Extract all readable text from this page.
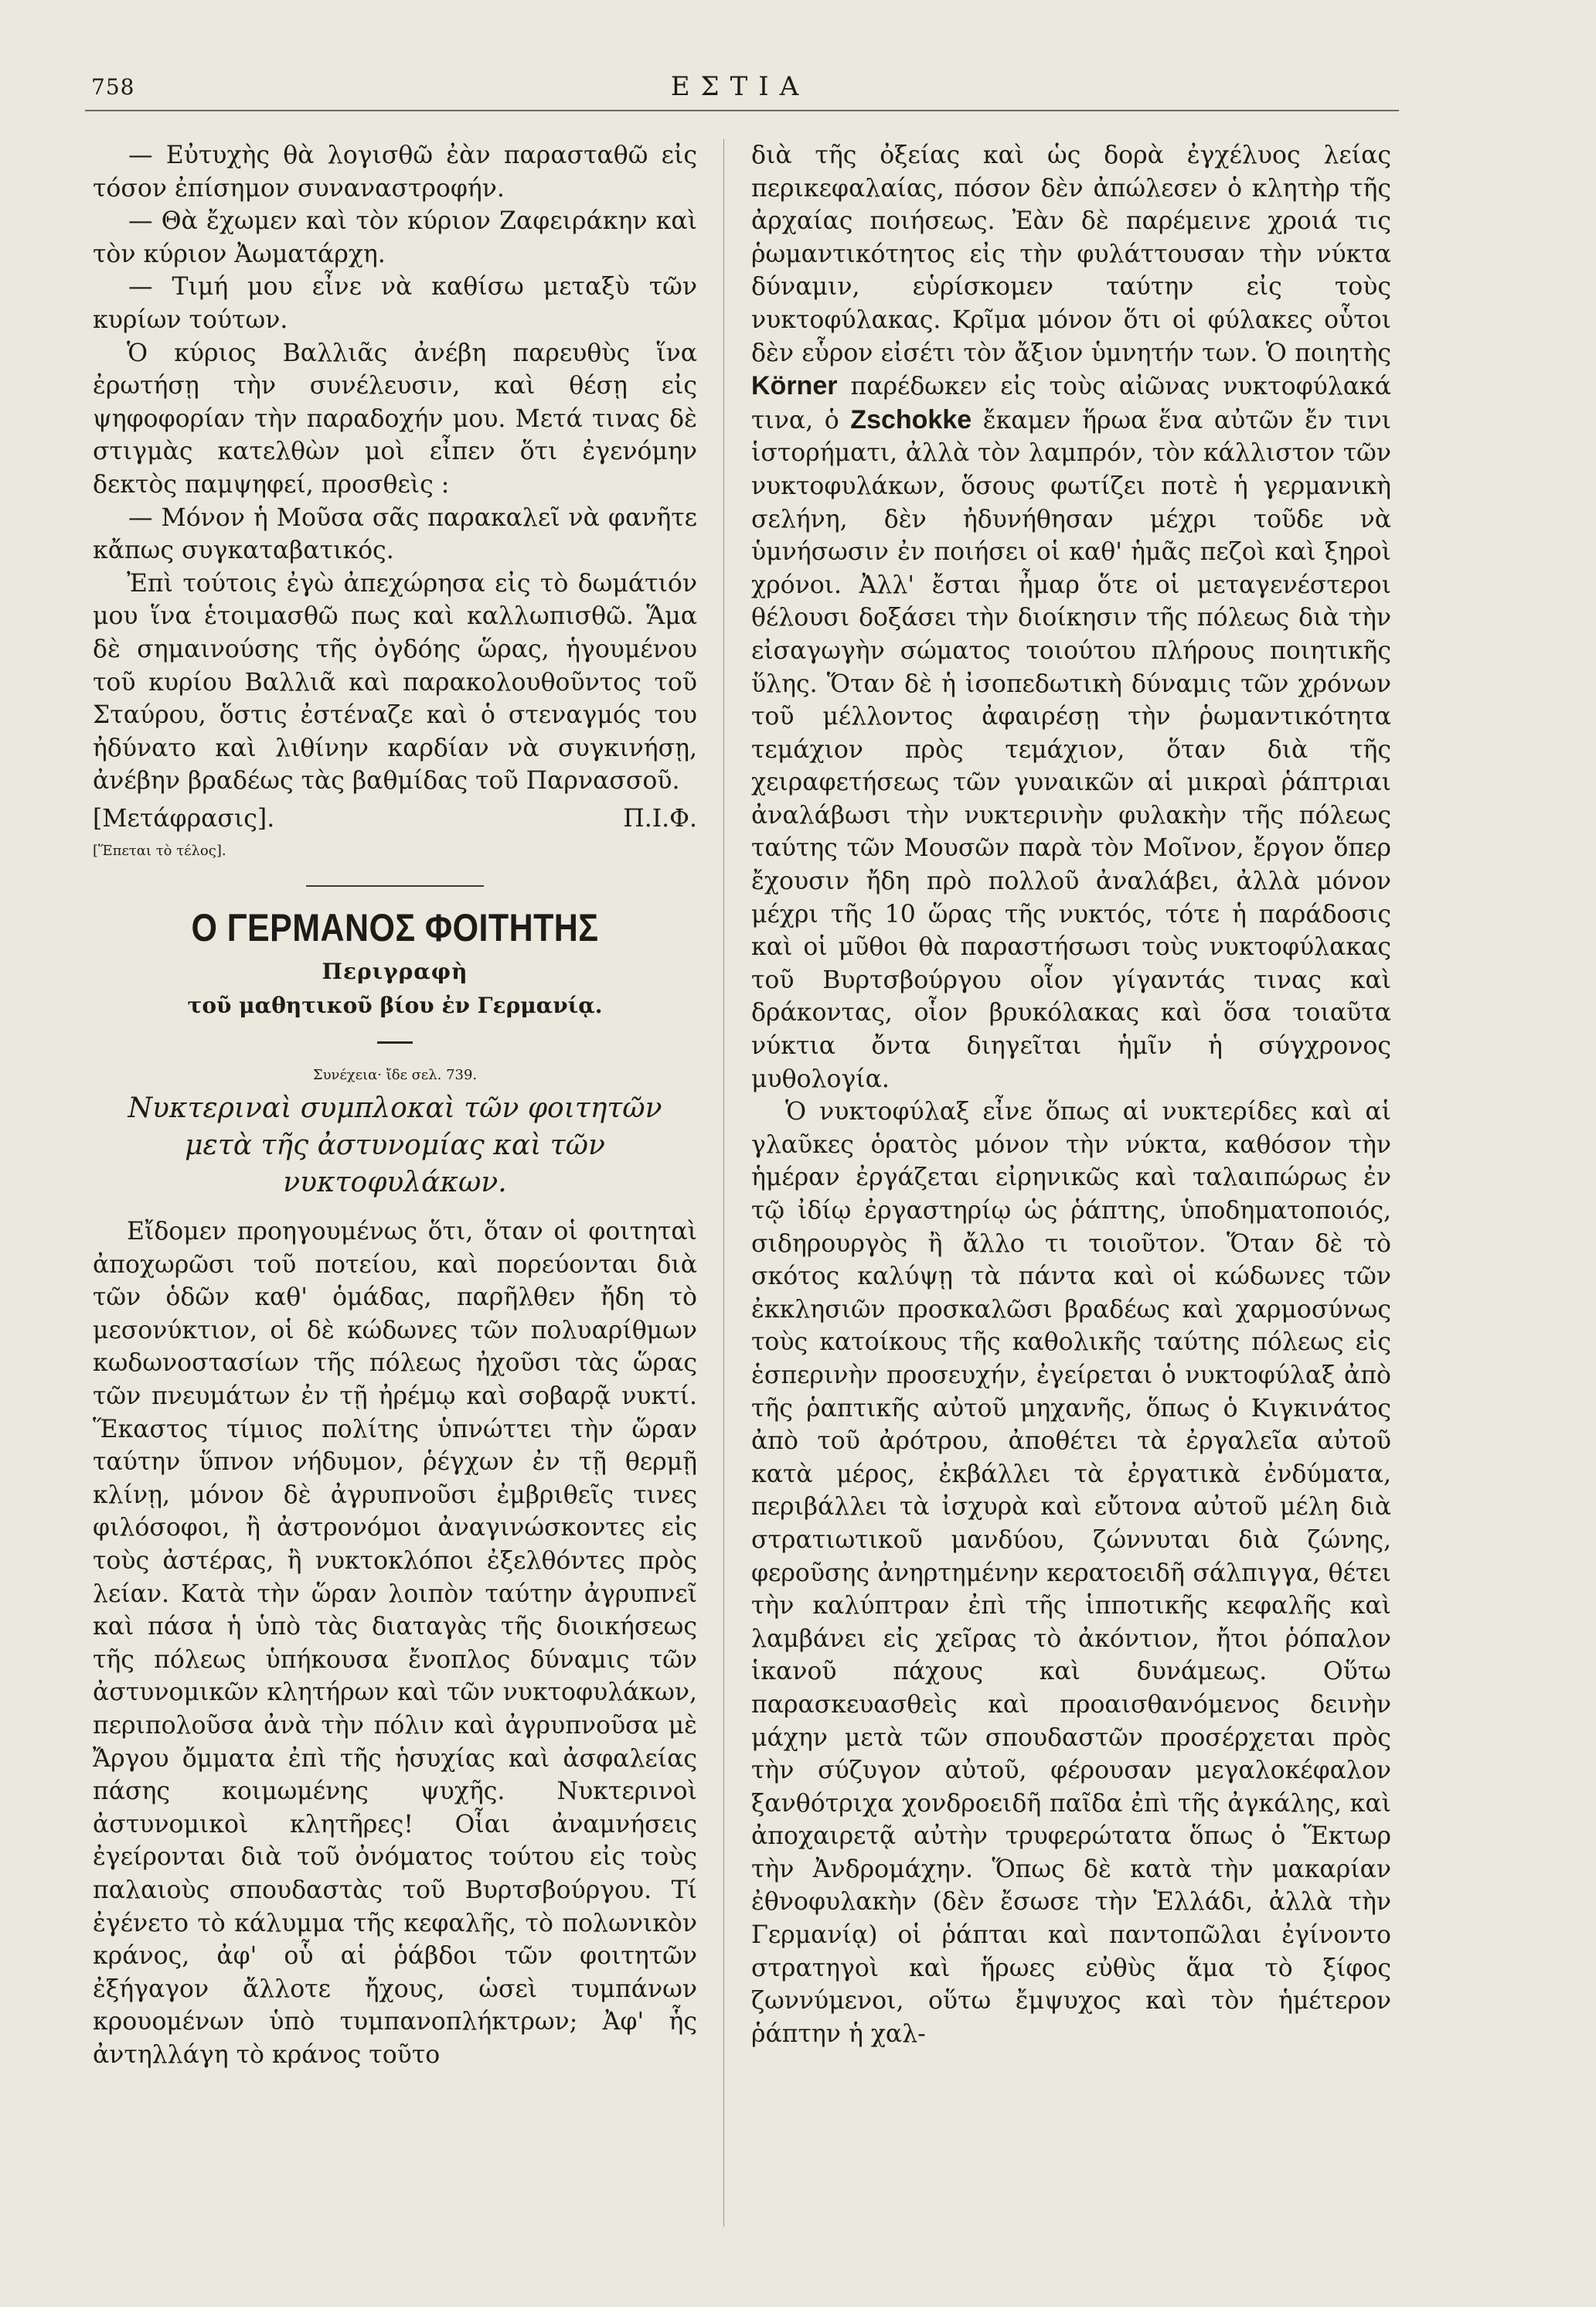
758	ΕΣΤΙΑ

— Εὐτυχὴς θὰ λογισθῶ ἐὰν παρασταθῶ εἰς τόσον ἐπίσημον συναναστροφήν.

— Θὰ ἔχωμεν καὶ τὸν κύριον Ζαφειράκην καὶ τὸν κύριον Ἀωματάρχη.

— Τιμή μου εἶνε νὰ καθίσω μεταξὺ τῶν κυρίων τούτων.

Ὁ κύριος Βαλλιᾶς ἀνέβη παρευθὺς ἵνα ἐρωτήσῃ τὴν συνέλευσιν, καὶ θέσῃ εἰς ψηφοφορίαν τὴν παραδοχήν μου. Μετά τινας δὲ στιγμὰς κατελθὼν μοὶ εἶπεν ὅτι ἐγενόμην δεκτὸς παμψηφεί, προσθεὶς :

— Μόνον ἡ Μοῦσα σᾶς παρακαλεῖ νὰ φανῆτε κἄπως συγκαταβατικός.

Ἐπὶ τούτοις ἐγὼ ἀπεχώρησα εἰς τὸ δωμάτιόν μου ἵνα ἑτοιμασθῶ πως καὶ καλλωπισθῶ. Ἅμα δὲ σημαινούσης τῆς ὀγδόης ὥρας, ἡγουμένου τοῦ κυρίου Βαλλιᾶ καὶ παρακολουθοῦντος τοῦ Σταύρου, ὅστις ἐστέναζε καὶ ὁ στεναγμός του ἠδύνατο καὶ λιθίνην καρδίαν νὰ συγκινήσῃ, ἀνέβην βραδέως τὰς βαθμίδας τοῦ Παρνασσοῦ.

[Μετάφρασις].	Π.Ι.Φ.

[Ἕπεται τὸ τέλος].

Ο ΓΕΡΜΑΝΟΣ ΦΟΙΤΗΤΗΣ
Περιγραφὴ
τοῦ μαθητικοῦ βίου ἐν Γερμανίᾳ.
Συνέχεια· ἴδε σελ. 739.
Νυκτεριναὶ συμπλοκαὶ τῶν φοιτητῶν μετὰ τῆς ἀστυνομίας καὶ τῶν νυκτοφυλάκων.

Εἴδομεν προηγουμένως ὅτι, ὅταν οἱ φοιτηταὶ ἀποχωρῶσι τοῦ ποτείου, καὶ πορεύονται διὰ τῶν ὁδῶν καθ' ὁμάδας, παρῆλθεν ἤδη τὸ μεσονύκτιον, οἱ δὲ κώδωνες τῶν πολυαρίθμων κωδωνοστασίων τῆς πόλεως ἠχοῦσι τὰς ὥρας τῶν πνευμάτων ἐν τῇ ἠρέμῳ καὶ σοβαρᾷ νυκτί. Ἕκαστος τίμιος πολίτης ὑπνώττει τὴν ὥραν ταύτην ὕπνον νήδυμον, ῥέγχων ἐν τῇ θερμῇ κλίνῃ, μόνον δὲ ἀγρυπνοῦσι ἐμβριθεῖς τινες φιλόσοφοι, ἢ ἀστρονόμοι ἀναγινώσκοντες εἰς τοὺς ἀστέρας, ἢ νυκτοκλόποι ἐξελθόντες πρὸς λείαν. Κατὰ τὴν ὥραν λοιπὸν ταύτην ἀγρυπνεῖ καὶ πάσα ἡ ὑπὸ τὰς διαταγὰς τῆς διοικήσεως τῆς πόλεως ὑπήκουσα ἔνοπλος δύναμις τῶν ἀστυνομικῶν κλητήρων καὶ τῶν νυκτοφυλάκων, περιπολοῦσα ἀνὰ τὴν πόλιν καὶ ἀγρυπνοῦσα μὲ Ἄργου ὄμματα ἐπὶ τῆς ἡσυχίας καὶ ἀσφαλείας πάσης κοιμωμένης ψυχῆς. Νυκτερινοὶ ἀστυνομικοὶ κλητῆρες! Οἷαι ἀναμνήσεις ἐγείρονται διὰ τοῦ ὀνόματος τούτου εἰς τοὺς παλαιοὺς σπουδαστὰς τοῦ Βυρτσβούργου. Τί ἐγένετο τὸ κάλυμμα τῆς κεφαλῆς, τὸ πολωνικὸν κράνος, ἀφ' οὗ αἱ ῥάβδοι τῶν φοιτητῶν ἐξήγαγον ἄλλοτε ἤχους, ὡσεὶ τυμπάνων κρουομένων ὑπὸ τυμπανοπλήκτρων; Ἀφ' ἧς ἀντηλλάγη τὸ κράνος τοῦτο

διὰ τῆς ὀξείας καὶ ὡς δορὰ ἐγχέλυος λείας περικεφαλαίας, πόσον δὲν ἀπώλεσεν ὁ κλητὴρ τῆς ἀρχαίας ποιήσεως. Ἐὰν δὲ παρέμεινε χροιά τις ῥωμαντικότητος εἰς τὴν φυλάττουσαν τὴν νύκτα δύναμιν, εὑρίσκομεν ταύτην εἰς τοὺς νυκτοφύλακας. Κρῖμα μόνον ὅτι οἱ φύλακες οὗτοι δὲν εὗρον εἰσέτι τὸν ἄξιον ὑμνητήν των. Ὁ ποιητὴς Körner παρέδωκεν εἰς τοὺς αἰῶνας νυκτοφύλακά τινα, ὁ Zschokke ἔκαμεν ἥρωα ἕνα αὐτῶν ἔν τινι ἱστορήματι, ἀλλὰ τὸν λαμπρόν, τὸν κάλλιστον τῶν νυκτοφυλάκων, ὅσους φωτίζει ποτὲ ἡ γερμανικὴ σελήνη, δὲν ἠδυνήθησαν μέχρι τοῦδε νὰ ὑμνήσωσιν ἐν ποιήσει οἱ καθ' ἡμᾶς πεζοὶ καὶ ξηροὶ χρόνοι. Ἀλλ' ἔσται ἦμαρ ὅτε οἱ μεταγενέστεροι θέλουσι δοξάσει τὴν διοίκησιν τῆς πόλεως διὰ τὴν εἰσαγωγὴν σώματος τοιούτου πλήρους ποιητικῆς ὕλης. Ὅταν δὲ ἡ ἰσοπεδωτικὴ δύναμις τῶν χρόνων τοῦ μέλλοντος ἀφαιρέσῃ τὴν ῥωμαντικότητα τεμάχιον πρὸς τεμάχιον, ὅταν διὰ τῆς χειραφετήσεως τῶν γυναικῶν αἱ μικραὶ ῥάπτριαι ἀναλάβωσι τὴν νυκτερινὴν φυλακὴν τῆς πόλεως ταύτης τῶν Μουσῶν παρὰ τὸν Μοῖνον, ἔργον ὅπερ ἔχουσιν ἤδη πρὸ πολλοῦ ἀναλάβει, ἀλλὰ μόνον μέχρι τῆς 10 ὥρας τῆς νυκτός, τότε ἡ παράδοσις καὶ οἱ μῦθοι θὰ παραστήσωσι τοὺς νυκτοφύλακας τοῦ Βυρτσβούργου οἷον γίγαντάς τινας καὶ δράκοντας, οἷον βρυκόλακας καὶ ὅσα τοιαῦτα νύκτια ὄντα διηγεῖται ἡμῖν ἡ σύγχρονος μυθολογία.

Ὁ νυκτοφύλαξ εἶνε ὅπως αἱ νυκτερίδες καὶ αἱ γλαῦκες ὁρατὸς μόνον τὴν νύκτα, καθόσον τὴν ἡμέραν ἐργάζεται εἰρηνικῶς καὶ ταλαιπώρως ἐν τῷ ἰδίῳ ἐργαστηρίῳ ὡς ῥάπτης, ὑποδηματοποιός, σιδηρουργὸς ἢ ἄλλο τι τοιοῦτον. Ὅταν δὲ τὸ σκότος καλύψῃ τὰ πάντα καὶ οἱ κώδωνες τῶν ἐκκλησιῶν προσκαλῶσι βραδέως καὶ χαρμοσύνως τοὺς κατοίκους τῆς καθολικῆς ταύτης πόλεως εἰς ἑσπερινὴν προσευχήν, ἐγείρεται ὁ νυκτοφύλαξ ἀπὸ τῆς ῥαπτικῆς αὐτοῦ μηχανῆς, ὅπως ὁ Κιγκινάτος ἀπὸ τοῦ ἀρότρου, ἀποθέτει τὰ ἐργαλεῖα αὐτοῦ κατὰ μέρος, ἐκβάλλει τὰ ἐργατικὰ ἐνδύματα, περιβάλλει τὰ ἰσχυρὰ καὶ εὔτονα αὐτοῦ μέλη διὰ στρατιωτικοῦ μανδύου, ζώννυται διὰ ζώνης, φεροῦσης ἀνηρτημένην κερατοειδῆ σάλπιγγα, θέτει τὴν καλύπτραν ἐπὶ τῆς ἱπποτικῆς κεφαλῆς καὶ λαμβάνει εἰς χεῖρας τὸ ἀκόντιον, ἤτοι ῥόπαλον ἱκανοῦ πάχους καὶ δυνάμεως. Οὕτω παρασκευασθεὶς καὶ προαισθανόμενος δεινὴν μάχην μετὰ τῶν σπουδαστῶν προσέρχεται πρὸς τὴν σύζυγον αὐτοῦ, φέρουσαν μεγαλοκέφαλον ξανθότριχα χονδροειδῆ παῖδα ἐπὶ τῆς ἀγκάλης, καὶ ἀποχαιρετᾷ αὐτὴν τρυφερώτατα ὅπως ὁ Ἕκτωρ τὴν Ἀνδρομάχην. Ὅπως δὲ κατὰ τὴν μακαρίαν ἐθνοφυλακὴν (δὲν ἔσωσε τὴν Ἑλλάδι, ἀλλὰ τὴν Γερμανίᾳ) οἱ ῥάπται καὶ παντοπῶλαι ἐγίνοντο στρατηγοὶ καὶ ἥρωες εὐθὺς ἅμα τὸ ξίφος ζωννύμενοι, οὕτω ἔμψυχος καὶ τὸν ἡμέτερον ῥάπτην ἡ χαλ-
